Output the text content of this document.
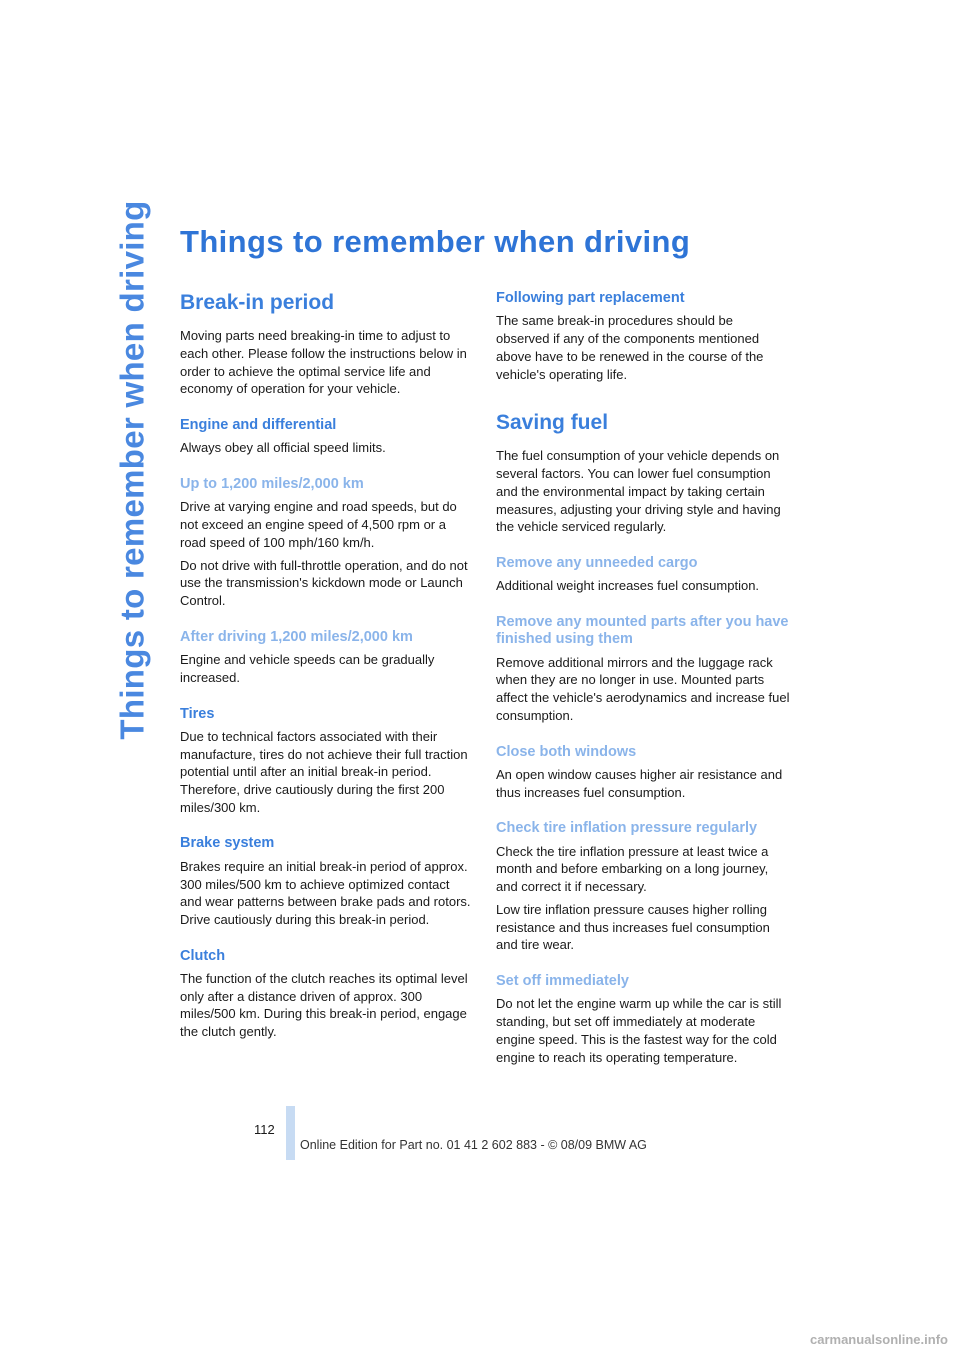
Things to remember when driving Things to remember when driving
Break-in period

Moving parts need breaking-in time to adjust to each other. Please follow the instructions below in order to achieve the optimal service life and economy of operation for your vehicle.

Engine and differential

Always obey all official speed limits.

Up to 1,200 miles/2,000 km

Drive at varying engine and road speeds, but do not exceed an engine speed of 4,500 rpm or a road speed of 100 mph/160 km/h.

Do not drive with full-throttle operation, and do not use the transmission's kickdown mode or Launch Control.

After driving 1,200 miles/2,000 km

Engine and vehicle speeds can be gradually increased.

Tires

Due to technical factors associated with their manufacture, tires do not achieve their full traction potential until after an initial break-in period. Therefore, drive cautiously during the first 200 miles/300 km.

Brake system

Brakes require an initial break-in period of approx. 300 miles/500 km to achieve optimized contact and wear patterns between brake pads and rotors. Drive cautiously during this break-in period.

Clutch

The function of the clutch reaches its optimal level only after a distance driven of approx. 300 miles/500 km. During this break-in period, engage the clutch gently.

Following part replacement

The same break-in procedures should be observed if any of the components mentioned above have to be renewed in the course of the vehicle's operating life.

Saving fuel

The fuel consumption of your vehicle depends on several factors. You can lower fuel consumption and the environmental impact by taking certain measures, adjusting your driving style and having the vehicle serviced regularly.

Remove any unneeded cargo

Additional weight increases fuel consumption.

Remove any mounted parts after you have finished using them

Remove additional mirrors and the luggage rack when they are no longer in use. Mounted parts affect the vehicle's aerodynamics and increase fuel consumption.

Close both windows

An open window causes higher air resistance and thus increases fuel consumption.

Check tire inflation pressure regularly

Check the tire inflation pressure at least twice a month and before embarking on a long journey, and correct it if necessary.

Low tire inflation pressure causes higher rolling resistance and thus increases fuel consumption and tire wear.

Set off immediately

Do not let the engine warm up while the car is still standing, but set off immediately at moderate engine speed. This is the fastest way for the cold engine to reach its operating temperature.

112
Online Edition for Part no. 01 41 2 602 883 - © 08/09 BMW AG
carmanualsonline.info
